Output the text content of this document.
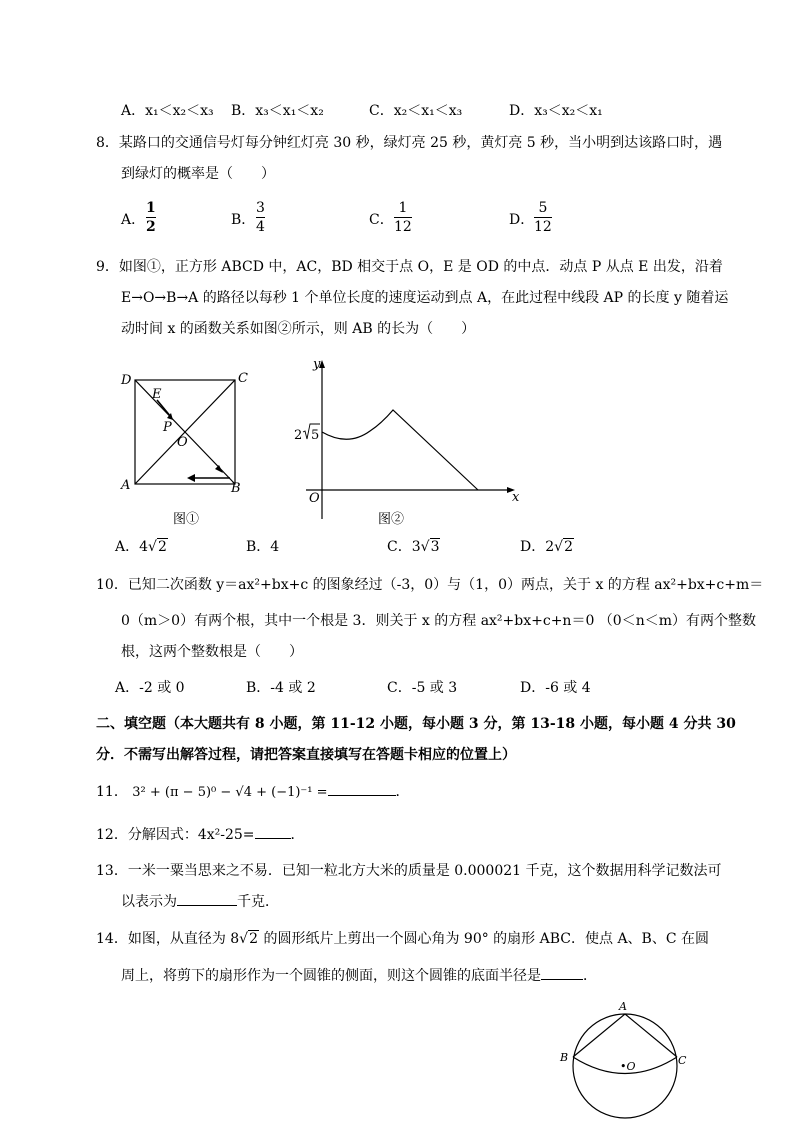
A．x₁＜x₂＜x₃ B．x₃＜x₁＜x₂	C．x₂＜x₁＜x₃	D．x₃＜x₂＜x₁
8．某路口的交通信号灯每分钟红灯亮 30 秒，绿灯亮 25 秒，黄灯亮 5 秒，当小明到达该路口时，遇
到绿灯的概率是（　　）
A．
1
2	B．
3
4	C．
1
12	D．
5
12
9．如图①，正方形 ABCD 中，AC，BD 相交于点 O，E 是 OD 的中点．动点 P 从点 E 出发，沿着
E→O→B→A 的路径以每秒 1 个单位长度的速度运动到点 A，在此过程中线段 AP 的长度 y 随着运
动时间 x 的函数关系如图②所示，则 AB 的长为（　　）
D	C
A	B
E
P
O
图①
y
x
O
2 5
图②
A．4√2	B．4	C．3√3	D．2√2
10．已知二次函数 y＝ax²+bx+c 的图象经过（-3，0）与（1，0）两点，关于 x 的方程 ax²+bx+c+m＝
0（m＞0）有两个根，其中一个根是 3．则关于 x 的方程 ax²+bx+c+n＝0 （0＜n＜m）有两个整数
根，这两个整数根是（　　）
A．-2 或 0	B．-4 或 2	C．-5 或 3	D．-6 或 4
二、填空题（本大题共有 8 小题，第 11-12 小题，每小题 3 分，第 13-18 小题，每小题 4 分共 30
分．不需写出解答过程，请把答案直接填写在答题卡相应的位置上）
11． 3² + (π − 5)⁰ − √4 + (−1)⁻¹ =	．
12．分解因式：4x²-25=	．
13．一米一粟当思来之不易．已知一粒北方大米的质量是 0.000021 千克，这个数据用科学记数法可
以表示为	千克．
14．如图，从直径为 8√2 的圆形纸片上剪出一个圆心角为 90° 的扇形 ABC．使点 A、B、C 在圆
周上，将剪下的扇形作为一个圆锥的侧面，则这个圆锥的底面半径是	．
A
B	C
•O
